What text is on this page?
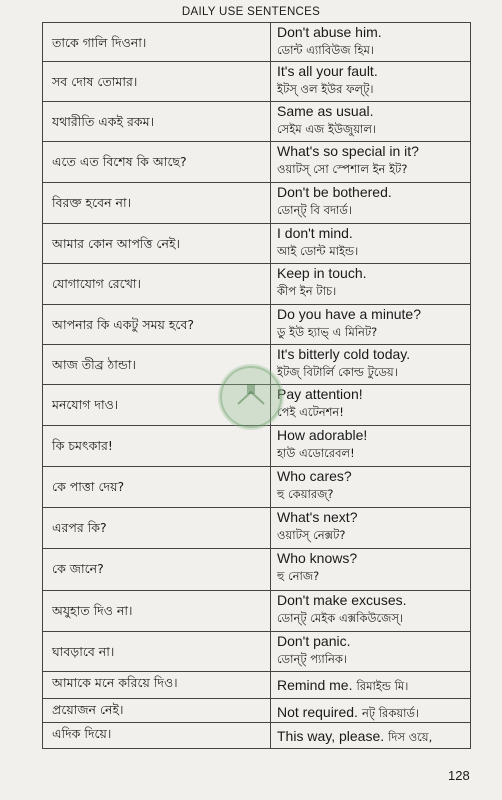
DAILY USE SENTENCES
তাকে গালি দিওনা।	Don't abuse him.
ডোন্ট এ্যাবিউজ হিম।

সব দোষ তোমার।	It's all your fault.
ইটস্‌ ওল ইউর ফল্ট্‌।

যথারীতি একই রকম।	Same as usual.
সেইম এজ ইউজুয়াল।

এতে এত বিশেষ কি আছে?	What's so special in it?
ওয়াটস্‌ সো স্পেশাল ইন ইট?

বিরক্ত হবেন না।	Don't be bothered.
ডোন্ট্‌ বি বদার্ড।

আমার কোন আপত্তি নেই।	I don't mind.
আই ডোন্ট মাইন্ড।

যোগাযোগ রেখো।	Keep in touch.
কীপ ইন টাচ।

আপনার কি একটু সময় হবে?	Do you have a minute?
ডু ইউ হ্যাভ্‌ এ মিনিট?

আজ তীব্র ঠান্ডা।	It's bitterly cold today.
ইটজ্‌ বিটার্লি কোল্ড টুডেয়।

মনযোগ দাও।	Pay attention!
পেই এটেনশন!

কি চমৎকার!	How adorable!
হাউ এডোরেবল!

কে পাত্তা দেয়?	Who cares?
হু কেয়ারজ্‌?

এরপর কি?	What's next?
ওয়াটস্‌ নেক্সট?

কে জানে?	Who knows?
হু নোজ?

অযুহাত দিও না।	Don't make excuses.
ডোন্ট্‌ মেইক এক্সকিউজেস্‌।

ঘাবড়াবে না।	Don't panic.
ডোন্ট্‌ প্যানিক।

আমাকে মনে করিয়ে দিও।	Remind me. রিমাইন্ড মি।
প্রয়োজন নেই।	Not required. নট্‌ রিকয়ার্ড।
এদিক দিয়ে।	This way, please. দিস ওয়ে,
128
